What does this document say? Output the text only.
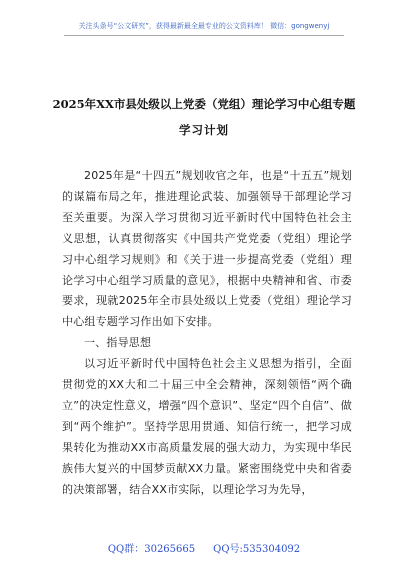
关注头条号“公文研究”，获得最新最全最专业的公文资料库！ 微信：gongwenyj
2025年XX市县处级以上党委（党组）理论学习中心组专题
学习计划

2025年是“十四五”规划收官之年，也是“十五五”规划的谋篇布局之年，推进理论武装、加强领导干部理论学习至关重要。为深入学习贯彻习近平新时代中国特色社会主义思想，认真贯彻落实《中国共产党党委（党组）理论学习中心组学习规则》和《关于进一步提高党委（党组）理论学习中心组学习质量的意见》，根据中央精神和省、市委要求，现就2025年全市县处级以上党委（党组）理论学习中心组专题学习作出如下安排。

一、指导思想

以习近平新时代中国特色社会主义思想为指引，全面贯彻党的XX大和二十届三中全会精神，深刻领悟“两个确立”的决定性意义，增强“四个意识”、坚定“四个自信”、做到“两个维护”。坚持学思用贯通、知信行统一，把学习成果转化为推动XX市高质量发展的强大动力，为实现中华民族伟大复兴的中国梦贡献XX力量。紧密围绕党中央和省委的决策部署，结合XX市实际，以理论学习为先导，

QQ群：30265665 QQ号:535304092
